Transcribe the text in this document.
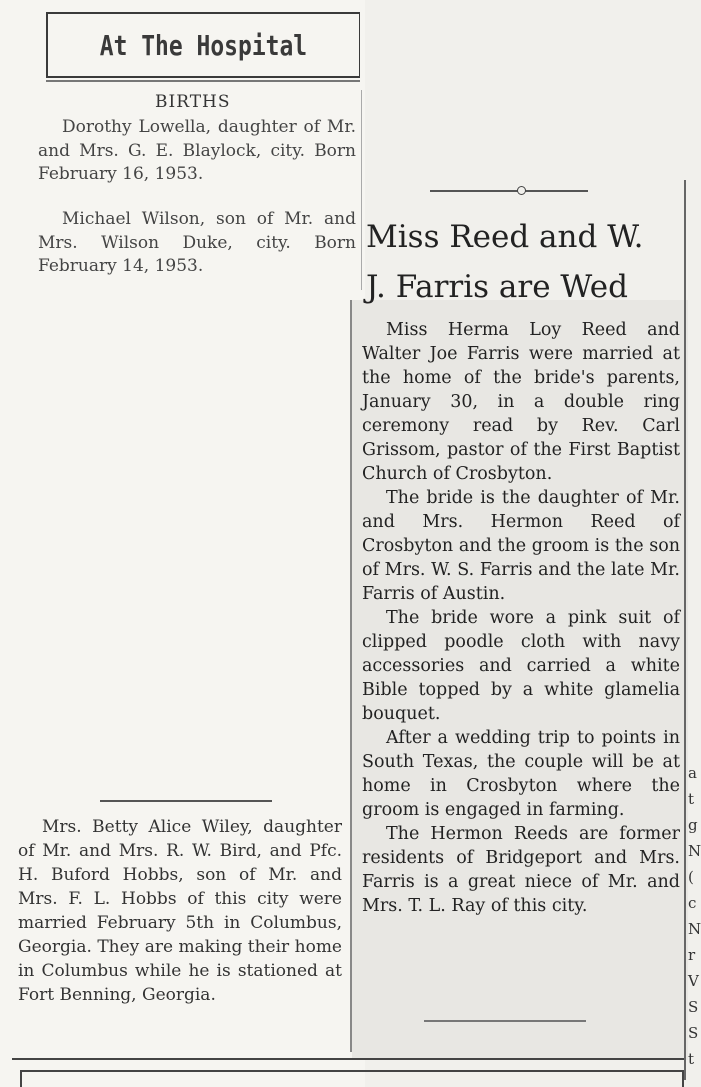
At The Hospital
BIRTHS
Dorothy Lowella, daughter of Mr. and Mrs. G. E. Blaylock, city. Born February 16, 1953.
Michael Wilson, son of Mr. and Mrs. Wilson Duke, city. Born February 14, 1953.
Miss Reed and W.
J. Farris are Wed

Miss Herma Loy Reed and Walter Joe Farris were married at the home of the bride's parents, January 30, in a double ring ceremony read by Rev. Carl Grissom, pastor of the First Baptist Church of Crosbyton.

The bride is the daughter of Mr. and Mrs. Hermon Reed of Crosbyton and the groom is the son of Mrs. W. S. Farris and the late Mr. Farris of Austin.

The bride wore a pink suit of clipped poodle cloth with navy accessories and carried a white Bible topped by a white glamelia bouquet.

After a wedding trip to points in South Texas, the couple will be at home in Crosbyton where the groom is engaged in farming.

The Hermon Reeds are former residents of Bridgeport and Mrs. Farris is a great niece of Mr. and Mrs. T. L. Ray of this city.

Mrs. Betty Alice Wiley, daughter of Mr. and Mrs. R. W. Bird, and Pfc. H. Buford Hobbs, son of Mr. and Mrs. F. L. Hobbs of this city were married February 5th in Columbus, Georgia. They are making their home in Columbus while he is stationed at Fort Benning, Georgia.

a
t
g
N
(
c
N
r
V
S
S
t
